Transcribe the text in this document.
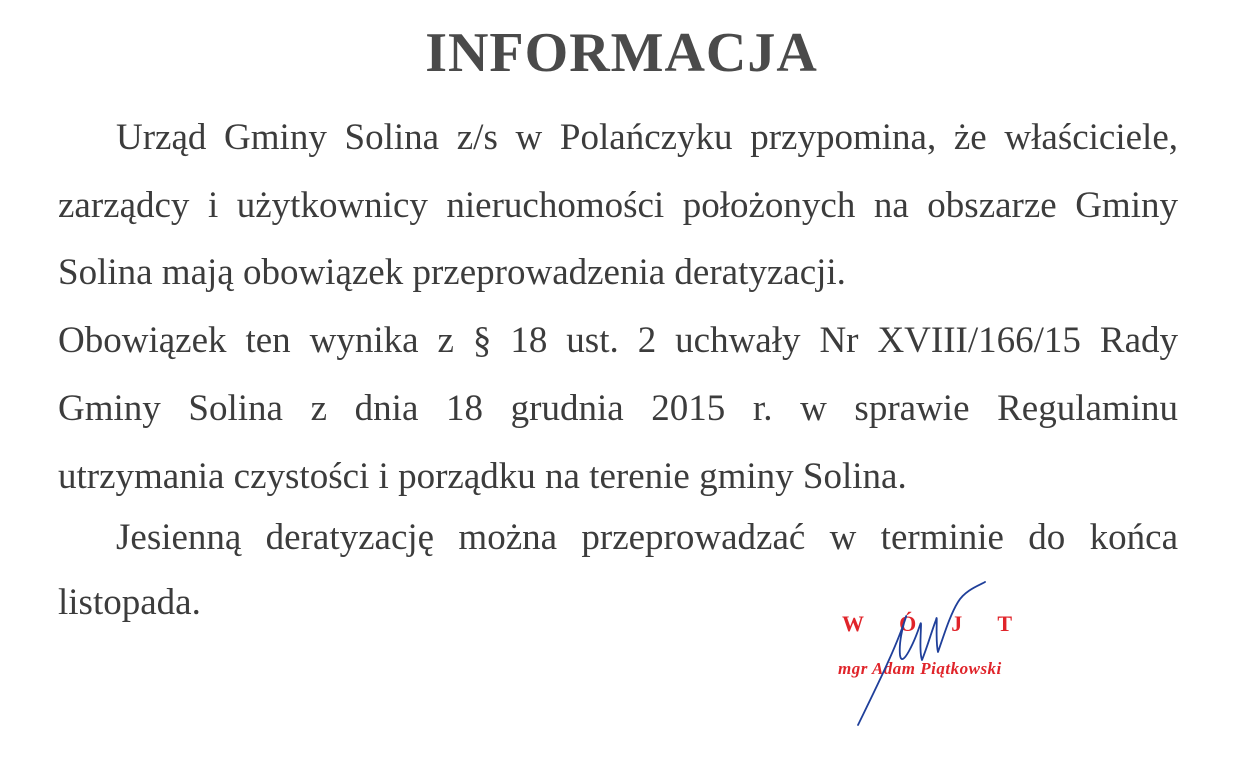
INFORMACJA
Urząd Gminy Solina z/s w Polańczyku przypomina, że właściciele,
zarządcy i użytkownicy nieruchomości położonych na obszarze Gminy
Solina mają obowiązek przeprowadzenia deratyzacji.
Obowiązek ten wynika z § 18 ust. 2 uchwały Nr XVIII/166/15 Rady
Gminy Solina z dnia 18 grudnia 2015 r. w sprawie Regulaminu
utrzymania czystości i porządku na terenie gminy Solina.
Jesienną deratyzację można przeprowadzać w terminie do końca
listopada.
W Ó J T
mgr Adam Piątkowski
